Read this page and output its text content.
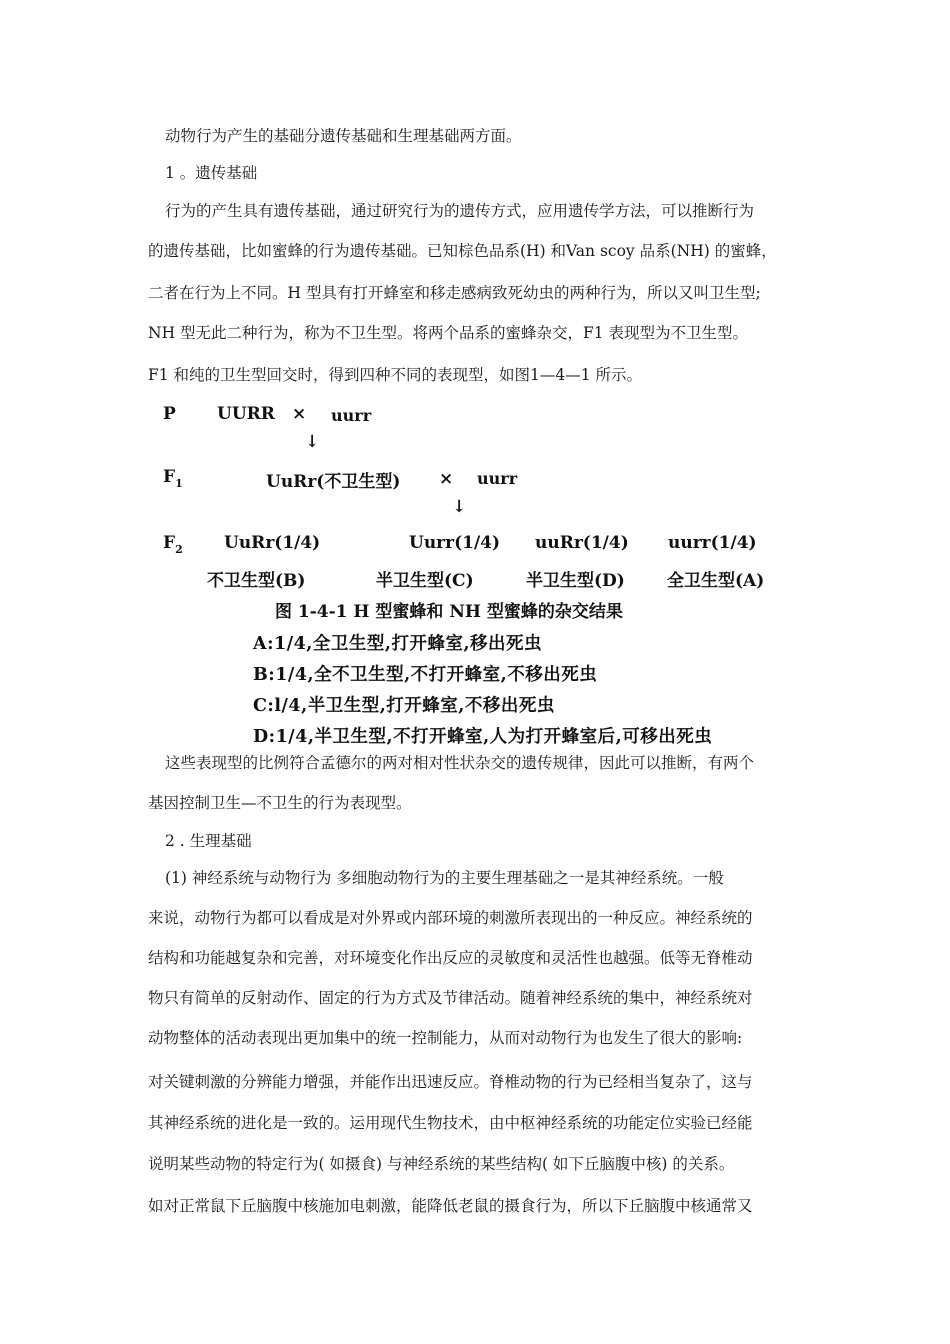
动物行为产生的基础分遗传基础和生理基础两方面。
1 。遗传基础
行为的产生具有遗传基础，通过研究行为的遗传方式，应用遗传学方法，可以推断行为
的遗传基础，比如蜜蜂的行为遗传基础。已知棕色品系(H) 和Van scoy 品系(NH) 的蜜蜂，
二者在行为上不同。H 型具有打开蜂室和移走感病致死幼虫的两种行为，所以又叫卫生型;
NH 型无此二种行为，称为不卫生型。将两个品系的蜜蜂杂交，F1 表现型为不卫生型。
F1 和纯的卫生型回交时，得到四种不同的表现型，如图1—4—1 所示。
P UURR × uurr
↓
$F_1$	UuRr(不卫生型) × uurr
↓
$F_2$ UuRr(1/4)	Uurr(1/4) uuRr(1/4) uurr(1/4)
不卫生型(B)	半卫生型(C)	半卫生型(D) 全卫生型(A)
图 1-4-1 H 型蜜蜂和 NH 型蜜蜂的杂交结果
A:1/4,全卫生型,打开蜂室,移出死虫
B:1/4,全不卫生型,不打开蜂室,不移出死虫
C:l/4,半卫生型,打开蜂室,不移出死虫
D:1/4,半卫生型,不打开蜂室,人为打开蜂室后,可移出死虫
这些表现型的比例符合孟德尔的两对相对性状杂交的遗传规律，因此可以推断，有两个
基因控制卫生—不卫生的行为表现型。
2 . 生理基础
(1) 神经系统与动物行为 多细胞动物行为的主要生理基础之一是其神经系统。一般
来说，动物行为都可以看成是对外界或内部环境的刺激所表现出的一种反应。神经系统的
结构和功能越复杂和完善，对环境变化作出反应的灵敏度和灵活性也越强。低等无脊椎动
物只有简单的反射动作、固定的行为方式及节律活动。随着神经系统的集中，神经系统对
动物整体的活动表现出更加集中的统一控制能力，从而对动物行为也发生了很大的影响:
对关键刺激的分辨能力增强，并能作出迅速反应。脊椎动物的行为已经相当复杂了，这与
其神经系统的进化是一致的。运用现代生物技术，由中枢神经系统的功能定位实验已经能
说明某些动物的特定行为( 如摄食) 与神经系统的某些结构( 如下丘脑腹中核) 的关系。
如对正常鼠下丘脑腹中核施加电刺激，能降低老鼠的摄食行为，所以下丘脑腹中核通常又
